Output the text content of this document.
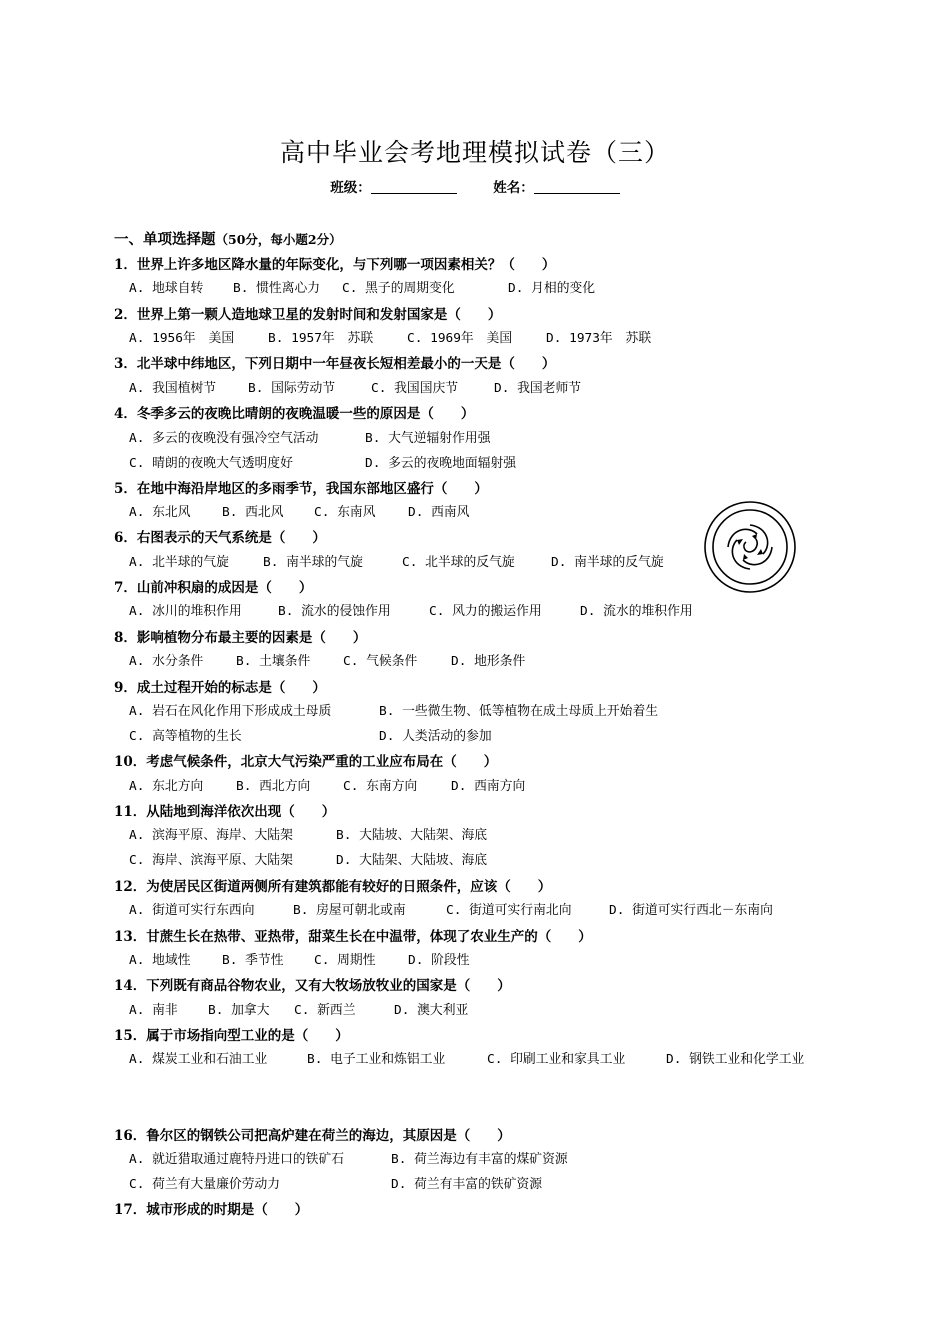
高中毕业会考地理模拟试卷（三）
班级：	姓名：
一、单项选择题（50分，每小题2分）
1．世界上许多地区降水量的年际变化，与下列哪一项因素相关？（　　）
A. 地球自转 B. 惯性离心力 C. 黑子的周期变化	D. 月相的变化
2．世界上第一颗人造地球卫星的发射时间和发射国家是（　　）
A. 1956年　美国	B. 1957年　苏联	C. 1969年　美国	D. 1973年　苏联
3．北半球中纬地区，下列日期中一年昼夜长短相差最小的一天是（　　）
A. 我国植树节 B. 国际劳动节	C. 我国国庆节	D. 我国老师节
4．冬季多云的夜晚比晴朗的夜晚温暖一些的原因是（　　）
A. 多云的夜晚没有强冷空气活动	B. 大气逆辐射作用强
C. 晴朗的夜晚大气透明度好	D. 多云的夜晚地面辐射强
5．在地中海沿岸地区的多雨季节，我国东部地区盛行（　　）
A. 东北风 B. 西北风 C. 东南风	D. 西南风
6．右图表示的天气系统是（　　）
A. 北半球的气旋	B. 南半球的气旋	C. 北半球的反气旋	D. 南半球的反气旋
7．山前冲积扇的成因是（　　）
A. 冰川的堆积作用	B. 流水的侵蚀作用	C. 风力的搬运作用	D. 流水的堆积作用
8．影响植物分布最主要的因素是（　　）
A. 水分条件	B. 土壤条件	C. 气候条件	D. 地形条件
9．成土过程开始的标志是（　　）
A. 岩石在风化作用下形成成土母质	B. 一些微生物、低等植物在成土母质上开始着生
C. 高等植物的生长	D. 人类活动的参加
10．考虑气候条件，北京大气污染严重的工业应布局在（　　）
A. 东北方向	B. 西北方向	C. 东南方向	D. 西南方向
11．从陆地到海洋依次出现（　　）
A. 滨海平原、海岸、大陆架	B. 大陆坡、大陆架、海底
C. 海岸、滨海平原、大陆架	D. 大陆架、大陆坡、海底
12．为使居民区街道两侧所有建筑都能有较好的日照条件，应该（　　）
A. 街道可实行东西向	B. 房屋可朝北或南	C. 街道可实行南北向	D. 街道可实行西北－东南向
13．甘蔗生长在热带、亚热带，甜菜生长在中温带，体现了农业生产的（　　）
A. 地域性 B. 季节性 C. 周期性	D. 阶段性
14．下列既有商品谷物农业，又有大牧场放牧业的国家是（　　）
A. 南非 B. 加拿大 C. 新西兰	D. 澳大利亚
15．属于市场指向型工业的是（　　）
A. 煤炭工业和石油工业	B. 电子工业和炼铝工业	C. 印刷工业和家具工业	D. 钢铁工业和化学工业
16．鲁尔区的钢铁公司把高炉建在荷兰的海边，其原因是（　　）
A. 就近猎取通过鹿特丹进口的铁矿石	B. 荷兰海边有丰富的煤矿资源
C. 荷兰有大量廉价劳动力	D. 荷兰有丰富的铁矿资源
17．城市形成的时期是（　　）
